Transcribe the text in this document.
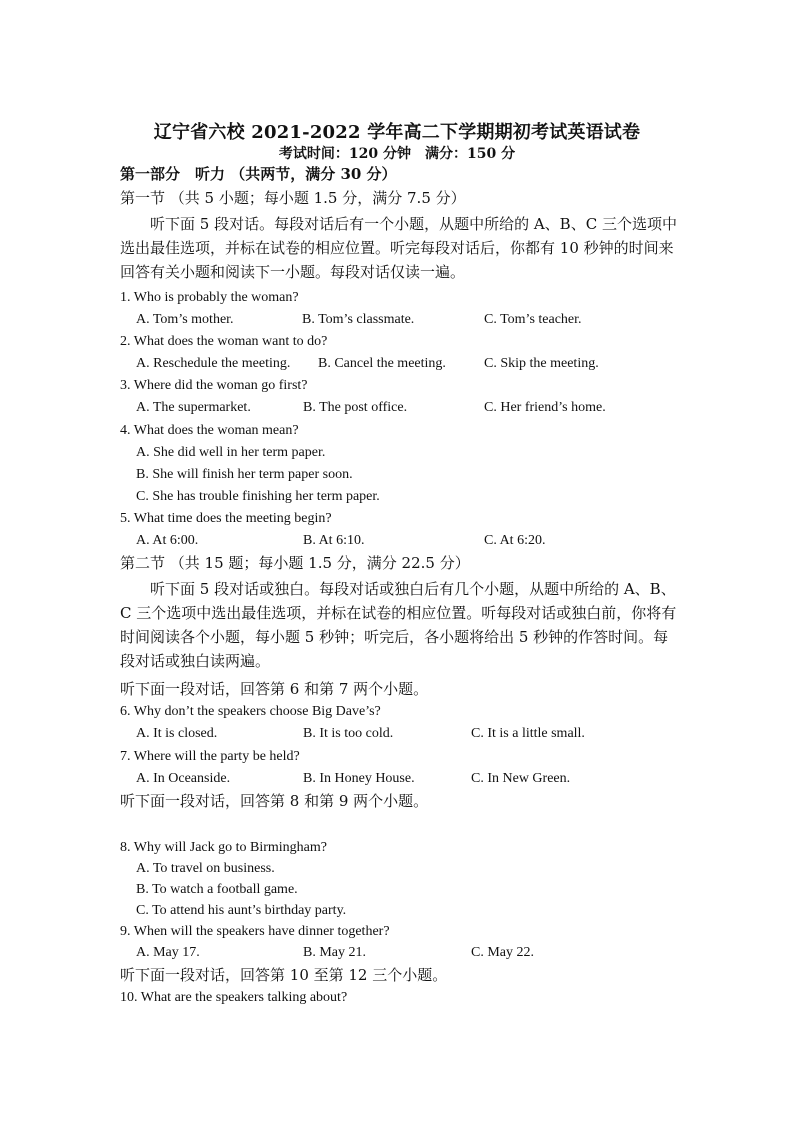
辽宁省六校 2021-2022 学年高二下学期期初考试英语试卷
考试时间：120 分钟　满分：150 分
第一部分　听力 （共两节，满分 30 分）
第一节 （共 5 小题；每小题 1.5 分，满分 7.5 分）
听下面 5 段对话。每段对话后有一个小题，从题中所给的 A、B、C 三个选项中选出最佳选项，并标在试卷的相应位置。听完每段对话后，你都有 10 秒钟的时间来回答有关小题和阅读下一小题。每段对话仅读一遍。
1. Who is probably the woman?
A. Tom’s mother.	B. Tom’s classmate.	C. Tom’s teacher.
2. What does the woman want to do?
A. Reschedule the meeting. B. Cancel the meeting.	C. Skip the meeting.
3. Where did the woman go first?
A. The supermarket.	B. The post office.	C. Her friend’s home.
4. What does the woman mean?
A. She did well in her term paper.
B. She will finish her term paper soon.
C. She has trouble finishing her term paper.
5. What time does the meeting begin?
A. At 6:00.	B. At 6:10.	C. At 6:20.
第二节 （共 15 题；每小题 1.5 分，满分 22.5 分）
听下面 5 段对话或独白。每段对话或独白后有几个小题，从题中所给的 A、B、C 三个选项中选出最佳选项，并标在试卷的相应位置。听每段对话或独白前，你将有时间阅读各个小题，每小题 5 秒钟；听完后，各小题将给出 5 秒钟的作答时间。每段对话或独白读两遍。
听下面一段对话，回答第 6 和第 7 两个小题。
6. Why don’t the speakers choose Big Dave’s?
A. It is closed.	B. It is too cold.	C. It is a little small.
7. Where will the party be held?
A. In Oceanside.	B. In Honey House.	C. In New Green.
听下面一段对话，回答第 8 和第 9 两个小题。
8. Why will Jack go to Birmingham?
A. To travel on business.
B. To watch a football game.
C. To attend his aunt’s birthday party.
9. When will the speakers have dinner together?
A. May 17.	B. May 21.	C. May 22.
听下面一段对话，回答第 10 至第 12 三个小题。
10. What are the speakers talking about?
